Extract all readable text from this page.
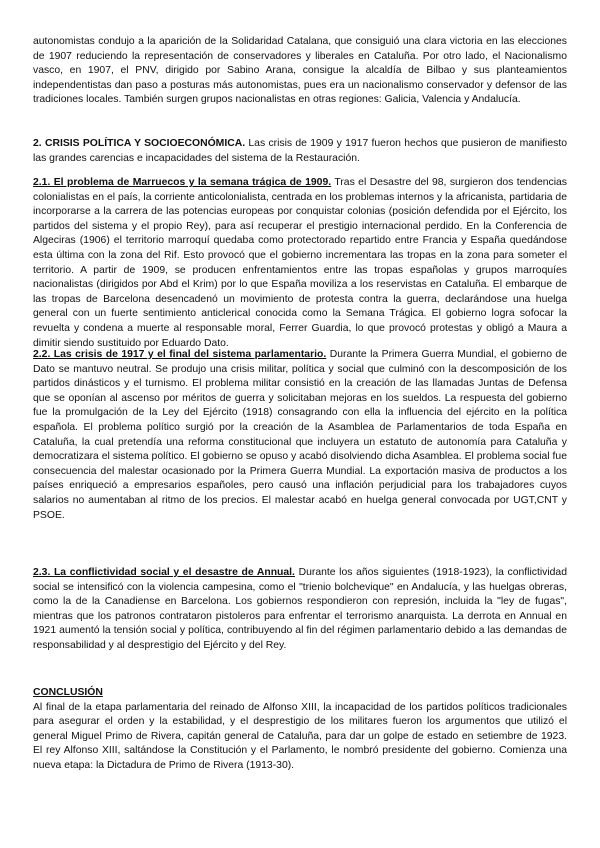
autonomistas condujo a la aparición de la Solidaridad Catalana, que consiguió una clara victoria en las elecciones de 1907 reduciendo la representación de conservadores y liberales en Cataluña. Por otro lado, el Nacionalismo vasco, en 1907, el PNV, dirigido por Sabino Arana, consigue la alcaldía de Bilbao y sus planteamientos independentistas dan paso a posturas más autonomistas, pues era un nacionalismo conservador y defensor de las tradiciones locales. También surgen grupos nacionalistas en otras regiones: Galicia, Valencia y Andalucía.

2. CRISIS POLÍTICA Y SOCIOECONÓMICA. Las crisis de 1909 y 1917 fueron hechos que pusieron de manifiesto las grandes carencias e incapacidades del sistema de la Restauración.

2.1. El problema de Marruecos y la semana trágica de 1909. Tras el Desastre del 98, surgieron dos tendencias colonialistas en el país, la corriente anticolonialista, centrada en los problemas internos y la africanista, partidaria de incorporarse a la carrera de las potencias europeas por conquistar colonias (posición defendida por el Ejército, los partidos del sistema y el propio Rey), para así recuperar el prestigio internacional perdido. En la Conferencia de Algeciras (1906) el territorio marroquí quedaba como protectorado repartido entre Francia y España quedándose esta última con la zona del Rif. Esto provocó que el gobierno incrementara las tropas en la zona para someter el territorio. A partir de 1909, se producen enfrentamientos entre las tropas españolas y grupos marroquíes nacionalistas (dirigidos por Abd el Krim) por lo que España moviliza a los reservistas en Cataluña. El embarque de las tropas de Barcelona desencadenó un movimiento de protesta contra la guerra, declarándose una huelga general con un fuerte sentimiento anticlerical conocida como la Semana Trágica. El gobierno logra sofocar la revuelta y condena a muerte al responsable moral, Ferrer Guardia, lo que provocó protestas y obligó a Maura a dimitir siendo sustituido por Eduardo Dato.

2.2. Las crisis de 1917 y el final del sistema parlamentario. Durante la Primera Guerra Mundial, el gobierno de Dato se mantuvo neutral. Se produjo una crisis militar, política y social que culminó con la descomposición de los partidos dinásticos y el turnismo. El problema militar consistió en la creación de las llamadas Juntas de Defensa que se oponían al ascenso por méritos de guerra y solicitaban mejoras en los sueldos. La respuesta del gobierno fue la promulgación de la Ley del Ejército (1918) consagrando con ella la influencia del ejército en la política española. El problema político surgió por la creación de la Asamblea de Parlamentarios de toda España en Cataluña, la cual pretendía una reforma constitucional que incluyera un estatuto de autonomía para Cataluña y democratizara el sistema político. El gobierno se opuso y acabó disolviendo dicha Asamblea. El problema social fue consecuencia del malestar ocasionado por la Primera Guerra Mundial. La exportación masiva de productos a los países enriqueció a empresarios españoles, pero causó una inflación perjudicial para los trabajadores cuyos salarios no aumentaban al ritmo de los precios. El malestar acabó en huelga general convocada por UGT,CNT y PSOE.

2.3. La conflictividad social y el desastre de Annual. Durante los años siguientes (1918-1923), la conflictividad social se intensificó con la violencia campesina, como el "trienio bolchevique" en Andalucía, y las huelgas obreras, como la de la Canadiense en Barcelona. Los gobiernos respondieron con represión, incluida la "ley de fugas", mientras que los patronos contrataron pistoleros para enfrentar el terrorismo anarquista. La derrota en Annual en 1921 aumentó la tensión social y política, contribuyendo al fin del régimen parlamentario debido a las demandas de responsabilidad y al desprestigio del Ejército y del Rey.

CONCLUSIÓN
Al final de la etapa parlamentaria del reinado de Alfonso XIII, la incapacidad de los partidos políticos tradicionales para asegurar el orden y la estabilidad, y el desprestigio de los militares fueron los argumentos que utilizó el general Miguel Primo de Rivera, capitán general de Cataluña, para dar un golpe de estado en setiembre de 1923. El rey Alfonso XIII, saltándose la Constitución y el Parlamento, le nombró presidente del gobierno. Comienza una nueva etapa: la Dictadura de Primo de Rivera (1913-30).
